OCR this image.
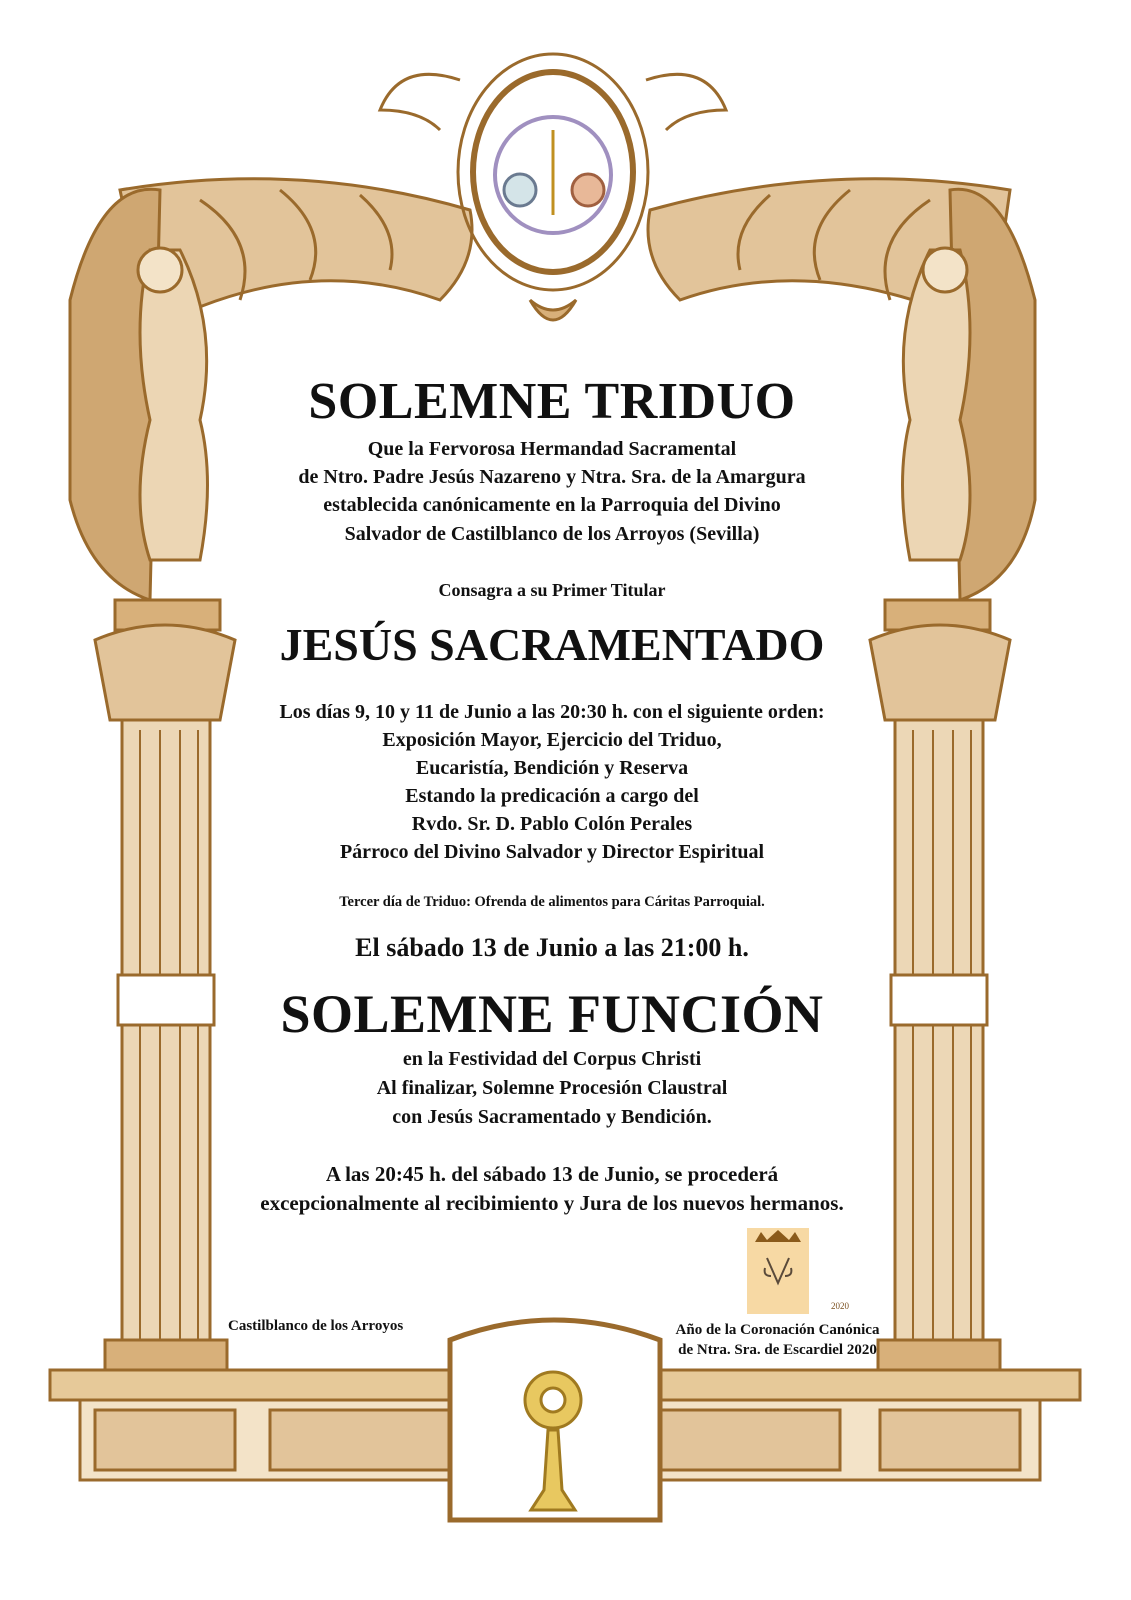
SOLEMNE TRIDUO
Que la Fervorosa Hermandad Sacramental
de Ntro. Padre Jesús Nazareno y Ntra. Sra. de la Amargura
establecida canónicamente en la Parroquia del Divino
Salvador de Castilblanco de los Arroyos (Sevilla)
Consagra a su Primer Titular
JESÚS SACRAMENTADO
Los días 9, 10 y 11 de Junio a las 20:30 h. con el siguiente orden:
Exposición Mayor, Ejercicio del Triduo,
Eucaristía, Bendición y Reserva
Estando la predicación a cargo del
Rvdo. Sr. D. Pablo Colón Perales
Párroco del Divino Salvador y Director Espiritual
Tercer día de Triduo: Ofrenda de alimentos para Cáritas Parroquial.
El sábado 13 de Junio a las 21:00 h.
SOLEMNE FUNCIÓN
en la Festividad del Corpus Christi
Al finalizar, Solemne Procesión Claustral
con Jesús Sacramentado y Bendición.
A las 20:45 h. del sábado 13 de Junio, se procederá
excepcionalmente al recibimiento y Jura de los nuevos hermanos.
2020
Castilblanco de los Arroyos	Año de la Coronación Canónica
de Ntra. Sra. de Escardiel 2020
